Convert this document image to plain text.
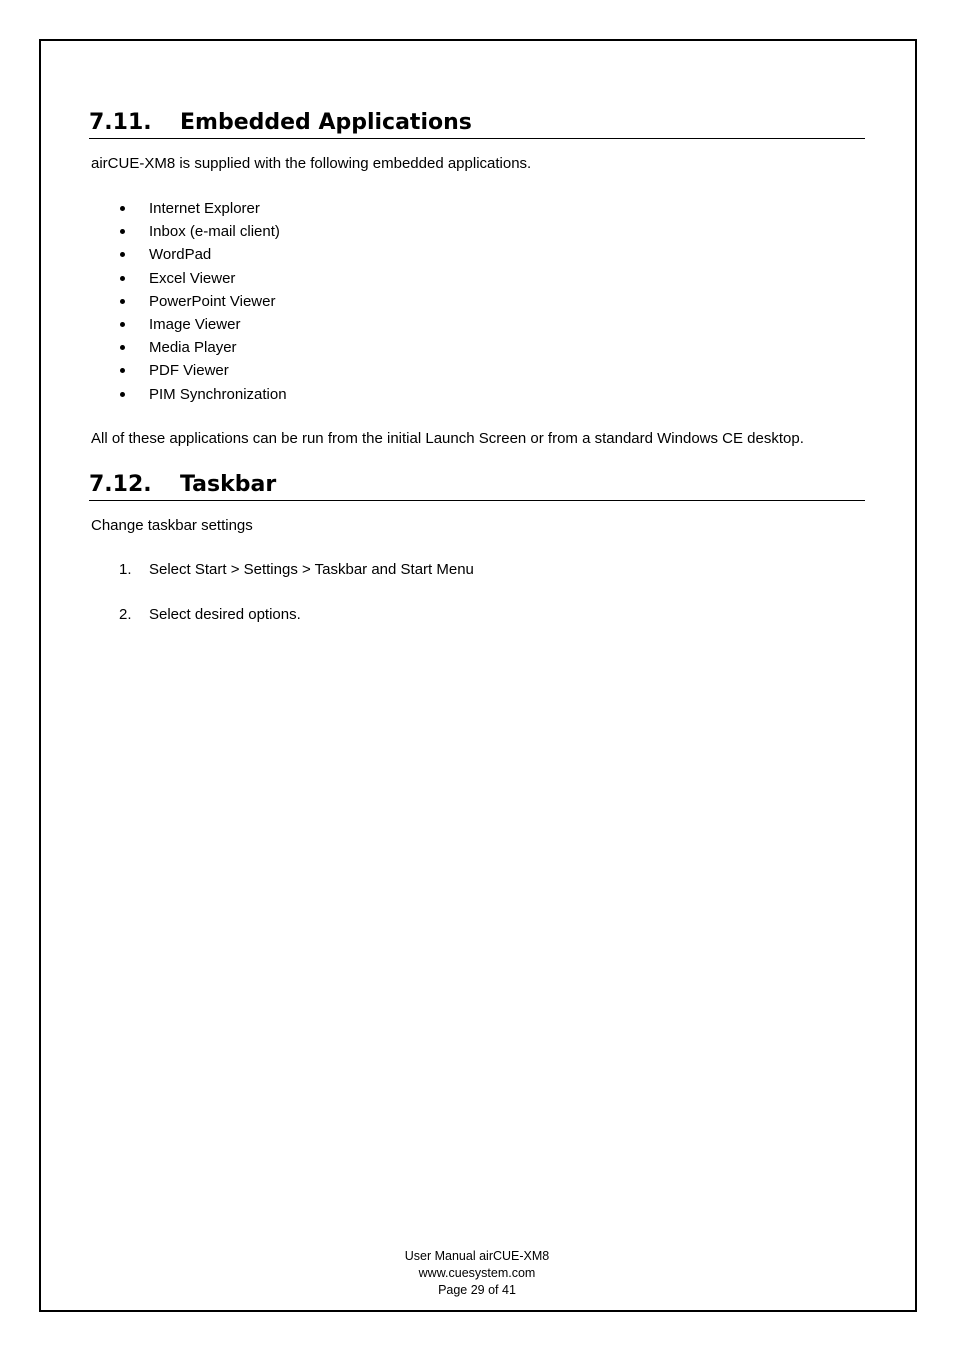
7.11.	Embedded Applications
airCUE-XM8 is supplied with the following embedded applications.
Internet Explorer
Inbox (e-mail client)
WordPad
Excel Viewer
PowerPoint Viewer
Image Viewer
Media Player
PDF Viewer
PIM Synchronization
All of these applications can be run from the initial Launch Screen or from a standard Windows CE desktop.
7.12.	Taskbar
Change taskbar settings
1. Select Start > Settings > Taskbar and Start Menu
2. Select desired options.
User Manual airCUE-XM8
www.cuesystem.com
Page 29 of 41
